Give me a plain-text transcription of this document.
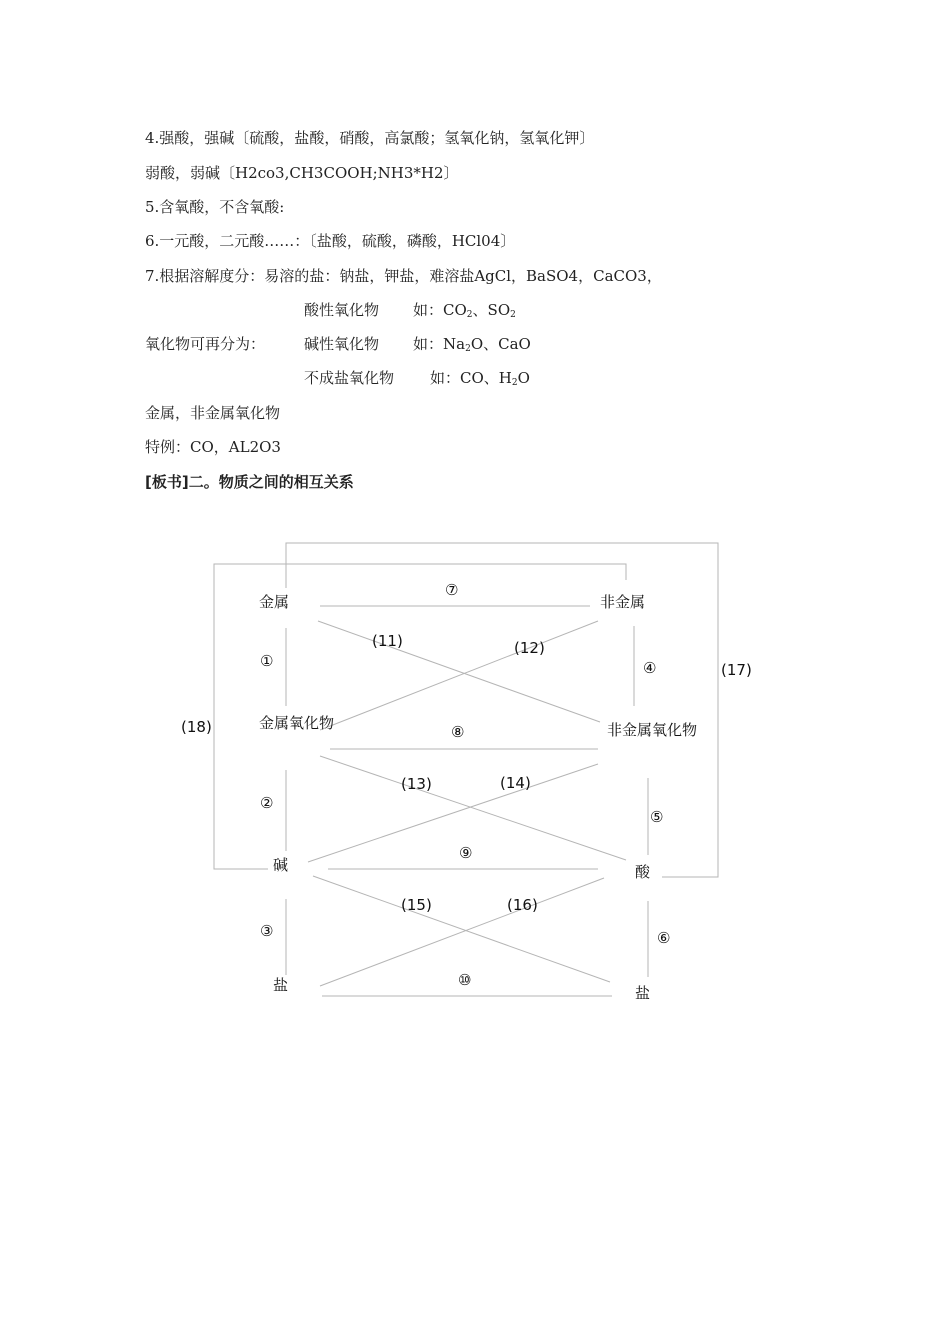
4.强酸，强碱〔硫酸，盐酸，硝酸，高氯酸；氢氧化钠，氢氧化钾〕
弱酸，弱碱〔H2co3,CH3COOH;NH3*H2〕
5.含氧酸，不含氧酸:
6.一元酸，二元酸……：〔盐酸，硫酸，磷酸，HCl04〕
7.根据溶解度分：易溶的盐：钠盐，钾盐，难溶盐AgCl，BaSO4，CaCO3，
酸性氧化物 如：$CO_2$、$SO_2$
氧化物可再分为：	碱性氧化物 如：$Na_2O$、CaO
不成盐氧化物 如：CO、$H_2O$
金属，非金属氧化物
特例：CO，AL2O3
[板书]二。物质之间的相互关系
金属	非金属
金属氧化物	非金属氧化物
碱	酸
盐	盐
⑦
①	④
(11)	(12)
(17)
(18)	⑧
(13)	(14)
②
⑤
⑨
(15)	(16)
③	⑥
⑩
